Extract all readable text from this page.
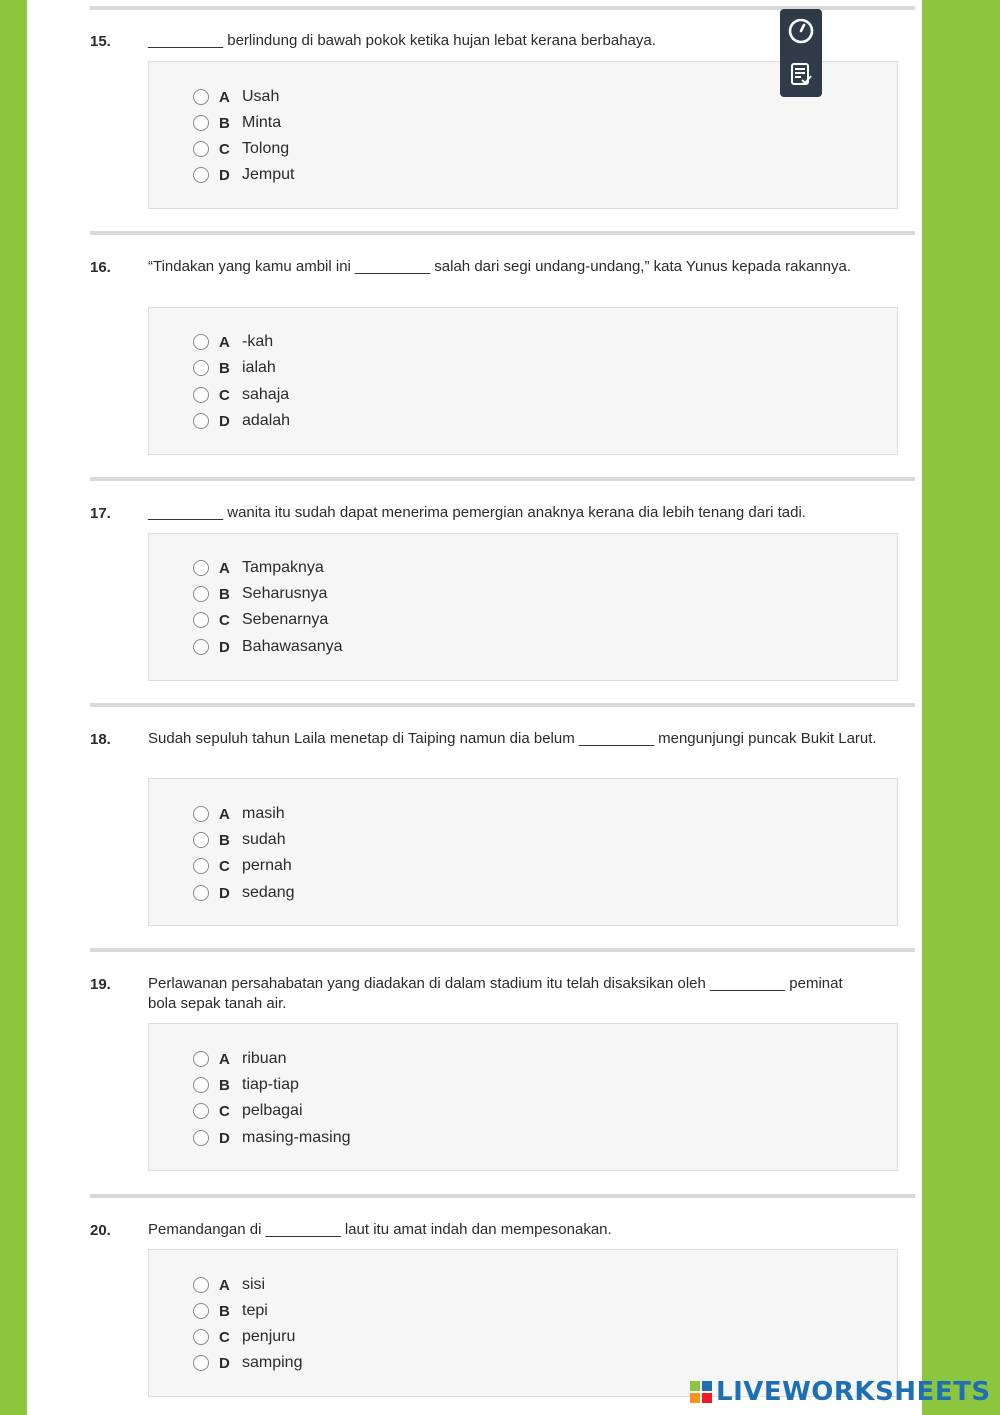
15. _________ berlindung di bawah pokok ketika hujan lebat kerana berbahaya.
A Usah
B Minta
C Tolong
D Jemput
16. “Tindakan yang kamu ambil ini _________ salah dari segi undang-undang,” kata Yunus kepada rakannya.
A -kah
B ialah
C sahaja
D adalah
17. _________ wanita itu sudah dapat menerima pemergian anaknya kerana dia lebih tenang dari tadi.
A Tampaknya
B Seharusnya
C Sebenarnya
D Bahawasanya
18. Sudah sepuluh tahun Laila menetap di Taiping namun dia belum _________ mengunjungi puncak Bukit Larut.
A masih
B sudah
C pernah
D sedang
19. Perlawanan persahabatan yang diadakan di dalam stadium itu telah disaksikan oleh _________ peminat bola sepak tanah air.
A ribuan
B tiap-tiap
C pelbagai
D masing-masing
20. Pemandangan di _________ laut itu amat indah dan mempesonakan.
A sisi
B tepi
C penjuru
D samping
LIVEWORKSHEETS
